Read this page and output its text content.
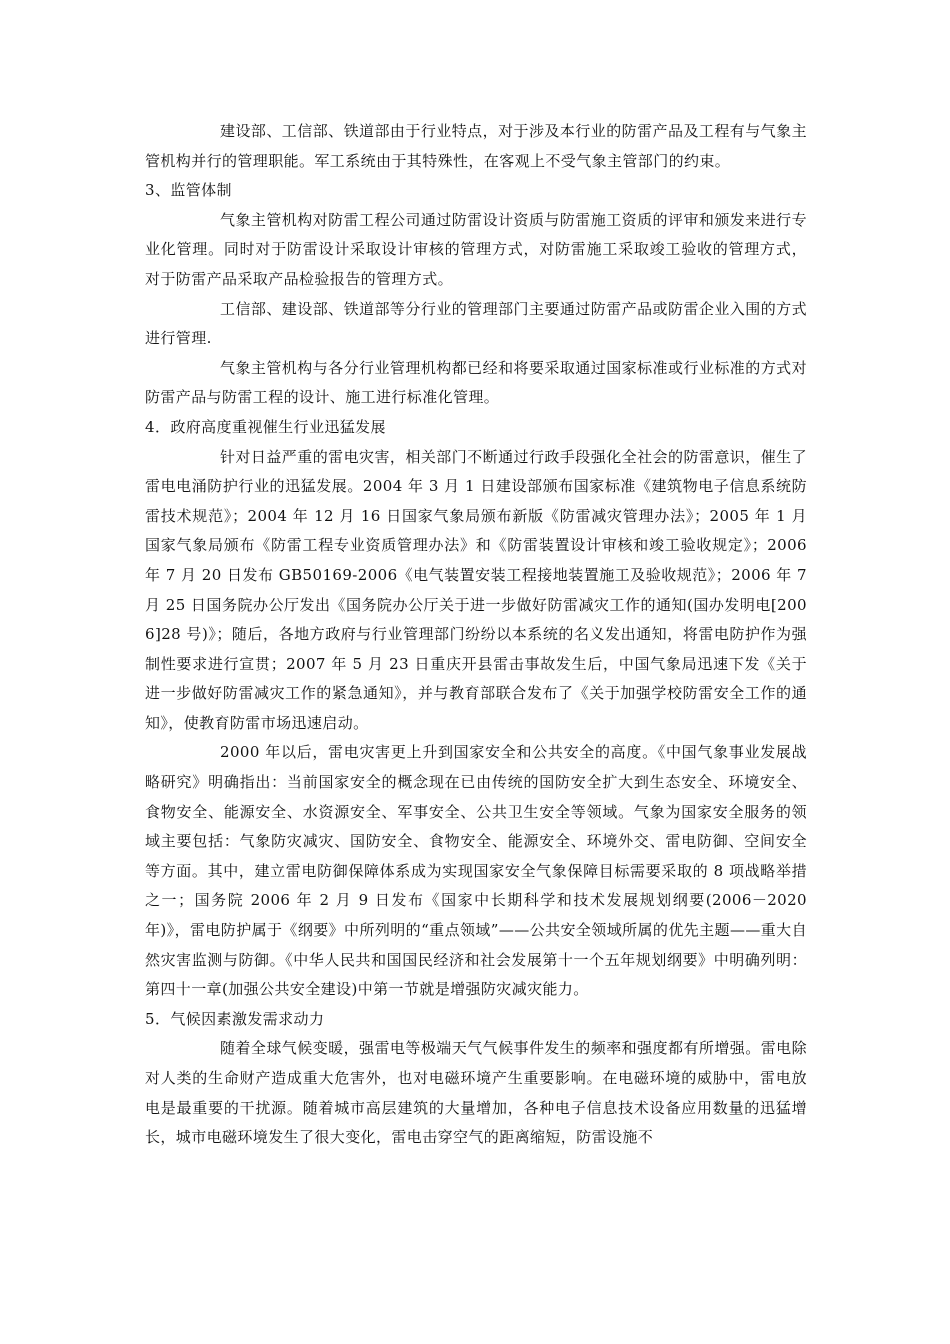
建设部、工信部、铁道部由于行业特点，对于涉及本行业的防雷产品及工程有与气象主管机构并行的管理职能。军工系统由于其特殊性，在客观上不受气象主管部门的约束。

3、监管体制

气象主管机构对防雷工程公司通过防雷设计资质与防雷施工资质的评审和颁发来进行专业化管理。同时对于防雷设计采取设计审核的管理方式，对防雷施工采取竣工验收的管理方式，对于防雷产品采取产品检验报告的管理方式。

工信部、建设部、铁道部等分行业的管理部门主要通过防雷产品或防雷企业入围的方式进行管理.

气象主管机构与各分行业管理机构都已经和将要采取通过国家标准或行业标准的方式对防雷产品与防雷工程的设计、施工进行标准化管理。

4．政府高度重视催生行业迅猛发展

针对日益严重的雷电灾害，相关部门不断通过行政手段强化全社会的防雷意识，催生了雷电电涌防护行业的迅猛发展。2004 年 3 月 1 日建设部颁布国家标准《建筑物电子信息系统防雷技术规范》；2004 年 12 月 16 日国家气象局颁布新版《防雷减灾管理办法》；2005 年 1 月国家气象局颁布《防雷工程专业资质管理办法》和《防雷装置设计审核和竣工验收规定》；2006 年 7 月 20 日发布 GB50169-2006《电气装置安装工程接地装置施工及验收规范》；2006 年 7 月 25 日国务院办公厅发出《国务院办公厅关于进一步做好防雷减灾工作的通知(国办发明电[2006]28 号)》；随后，各地方政府与行业管理部门纷纷以本系统的名义发出通知，将雷电防护作为强制性要求进行宣贯；2007 年 5 月 23 日重庆开县雷击事故发生后，中国气象局迅速下发《关于进一步做好防雷减灾工作的紧急通知》，并与教育部联合发布了《关于加强学校防雷安全工作的通知》，使教育防雷市场迅速启动。

2000 年以后，雷电灾害更上升到国家安全和公共安全的高度。《中国气象事业发展战略研究》明确指出：当前国家安全的概念现在已由传统的国防安全扩大到生态安全、环境安全、食物安全、能源安全、水资源安全、军事安全、公共卫生安全等领域。气象为国家安全服务的领域主要包括：气象防灾减灾、国防安全、食物安全、能源安全、环境外交、雷电防御、空间安全等方面。其中，建立雷电防御保障体系成为实现国家安全气象保障目标需要采取的 8 项战略举措之一；国务院 2006 年 2 月 9 日发布《国家中长期科学和技术发展规划纲要(2006－2020 年)》，雷电防护属于《纲要》中所列明的“重点领域”——公共安全领域所属的优先主题——重大自然灾害监测与防御。《中华人民共和国国民经济和社会发展第十一个五年规划纲要》中明确列明：第四十一章(加强公共安全建设)中第一节就是增强防灾减灾能力。

5．气候因素激发需求动力

随着全球气候变暖，强雷电等极端天气气候事件发生的频率和强度都有所增强。雷电除对人类的生命财产造成重大危害外，也对电磁环境产生重要影响。在电磁环境的威胁中，雷电放电是最重要的干扰源。随着城市高层建筑的大量增加，各种电子信息技术设备应用数量的迅猛增长，城市电磁环境发生了很大变化，雷电击穿空气的距离缩短，防雷设施不
